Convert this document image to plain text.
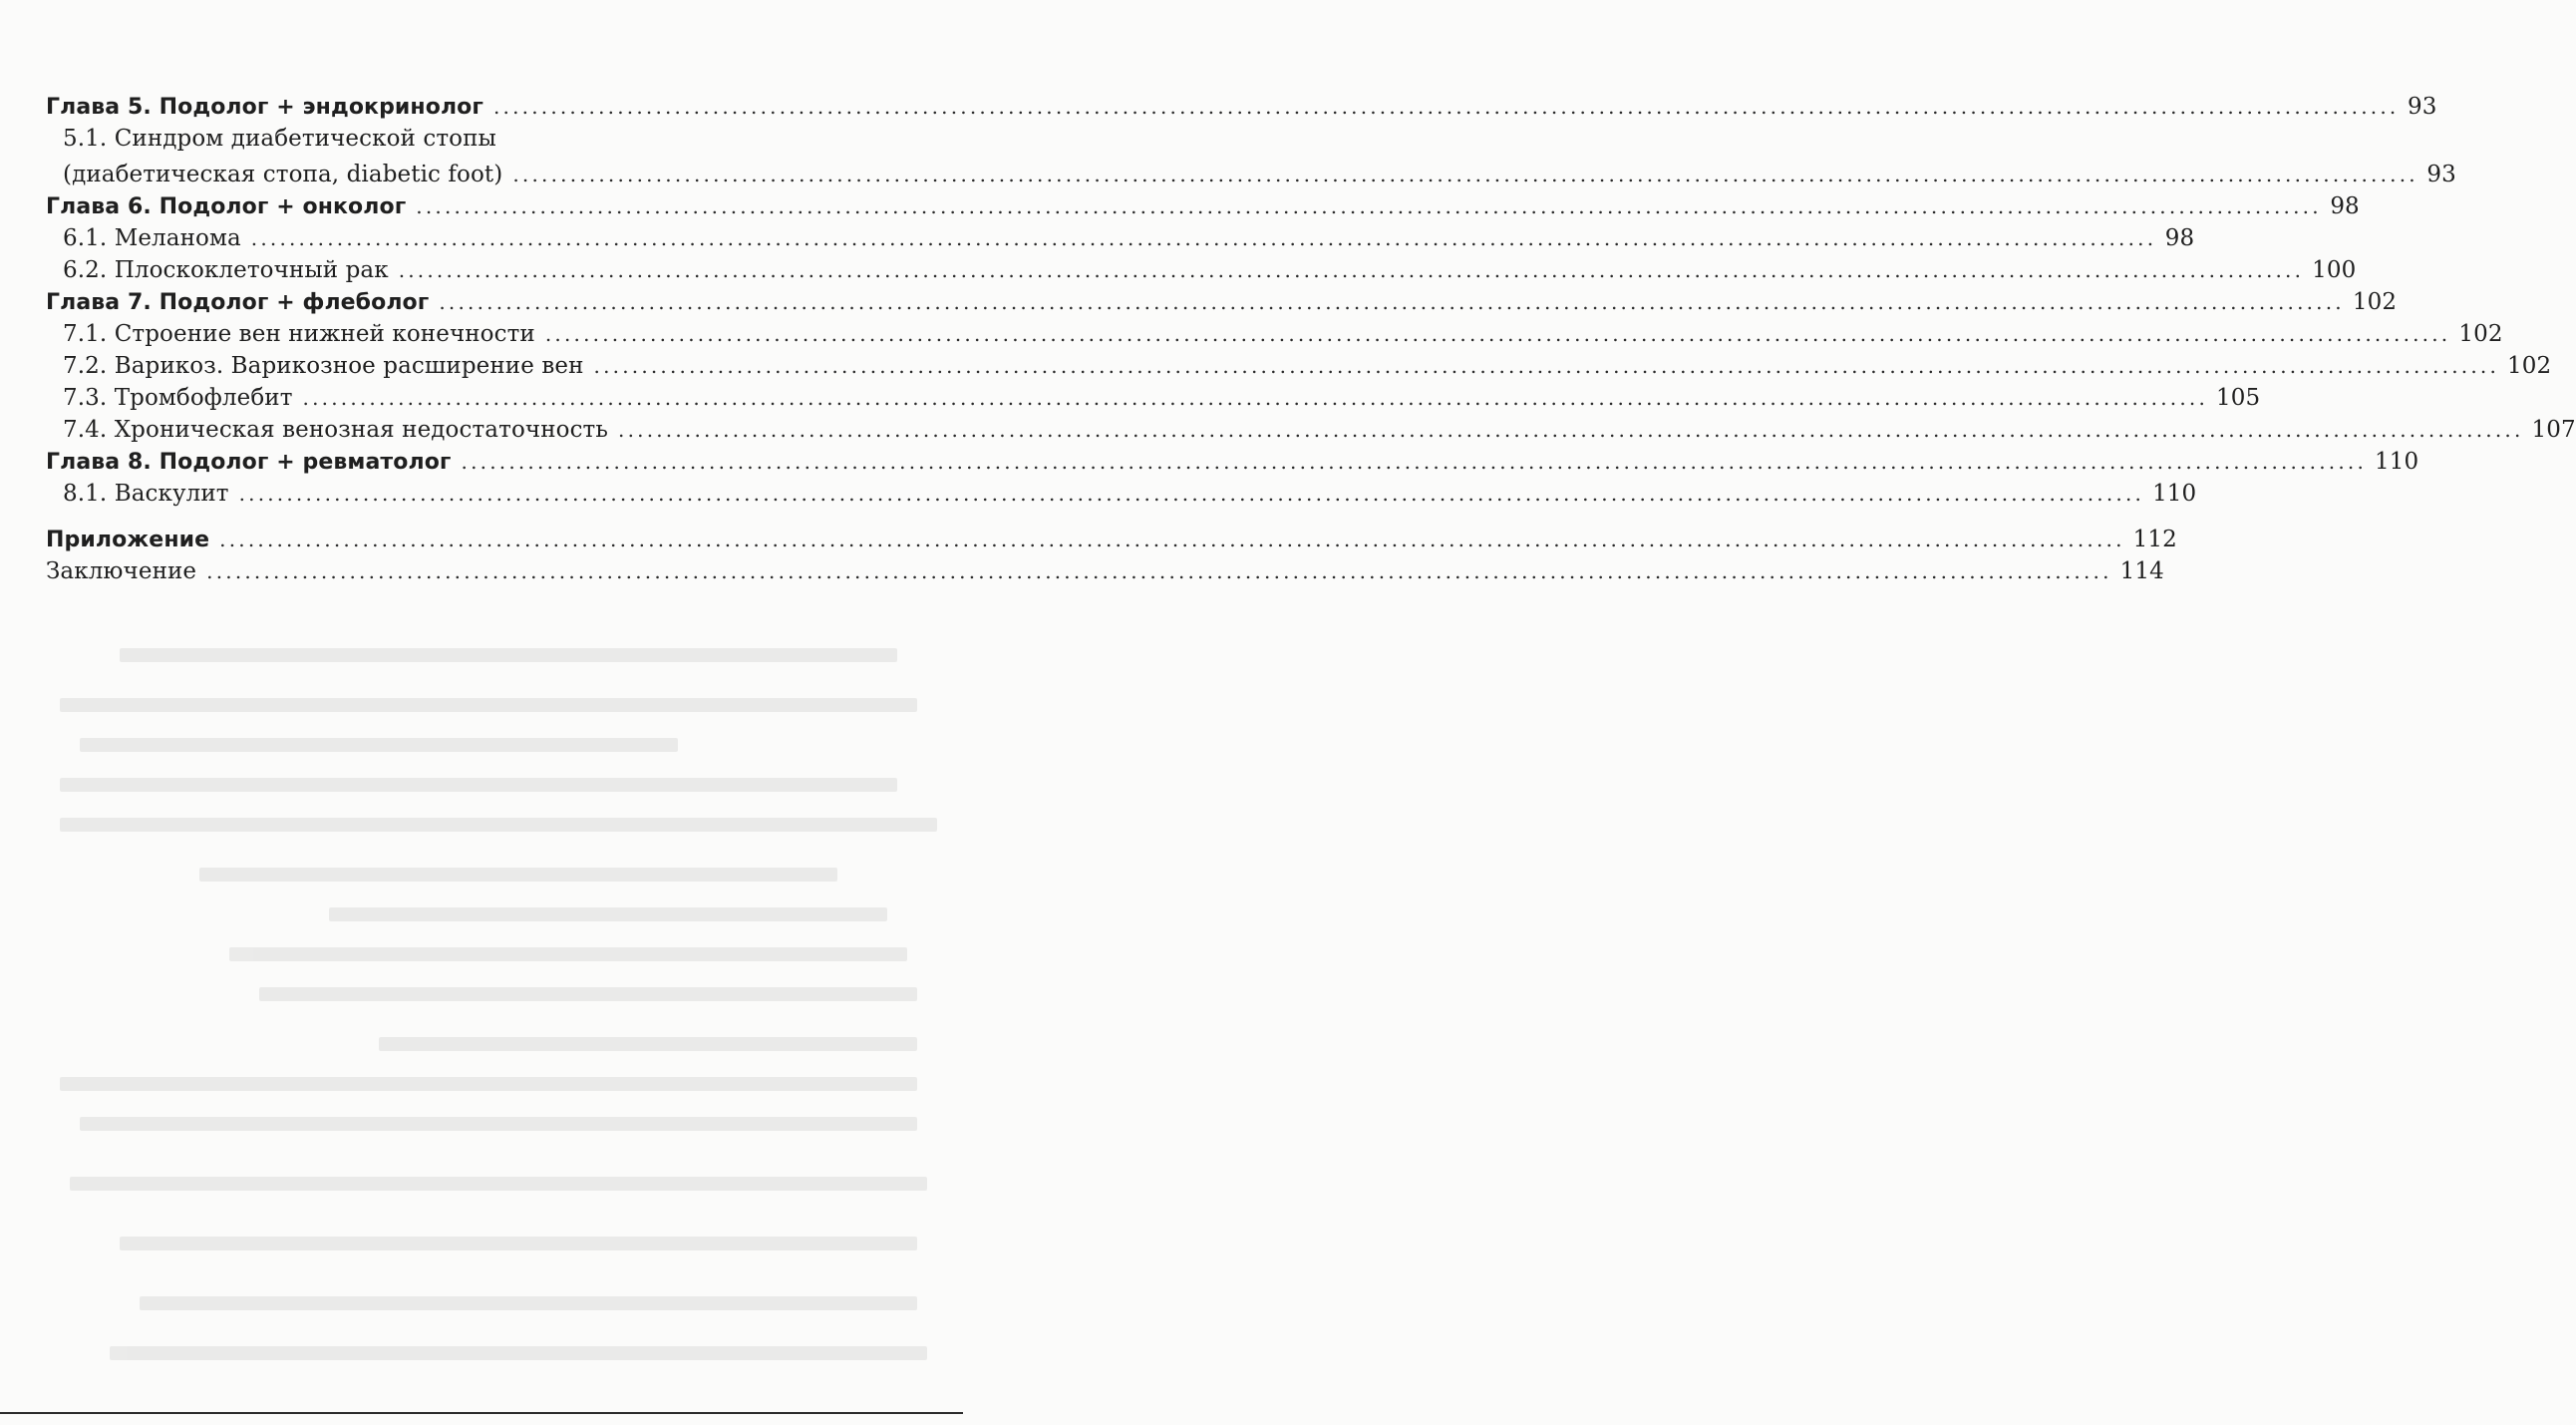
Глава 5. Подолог + эндокринолог ........................................................................................................................................................................................................ 93
5.1. Синдром диабетической стопы
(диабетическая стопа, diabetic foot) ........................................................................................................................................................................................................ 93
Глава 6. Подолог + онколог ........................................................................................................................................................................................................ 98
6.1. Меланома ........................................................................................................................................................................................................ 98
6.2. Плоскоклеточный рак ........................................................................................................................................................................................................ 100
Глава 7. Подолог + флеболог ........................................................................................................................................................................................................ 102
7.1. Строение вен нижней конечности ........................................................................................................................................................................................................ 102
7.2. Варикоз. Варикозное расширение вен ........................................................................................................................................................................................................ 102
7.3. Тромбофлебит ........................................................................................................................................................................................................ 105
7.4. Хроническая венозная недостаточность ........................................................................................................................................................................................................ 107
Глава 8. Подолог + ревматолог ........................................................................................................................................................................................................ 110
8.1. Васкулит ........................................................................................................................................................................................................ 110
Приложение ........................................................................................................................................................................................................ 112
Заключение ........................................................................................................................................................................................................ 114
